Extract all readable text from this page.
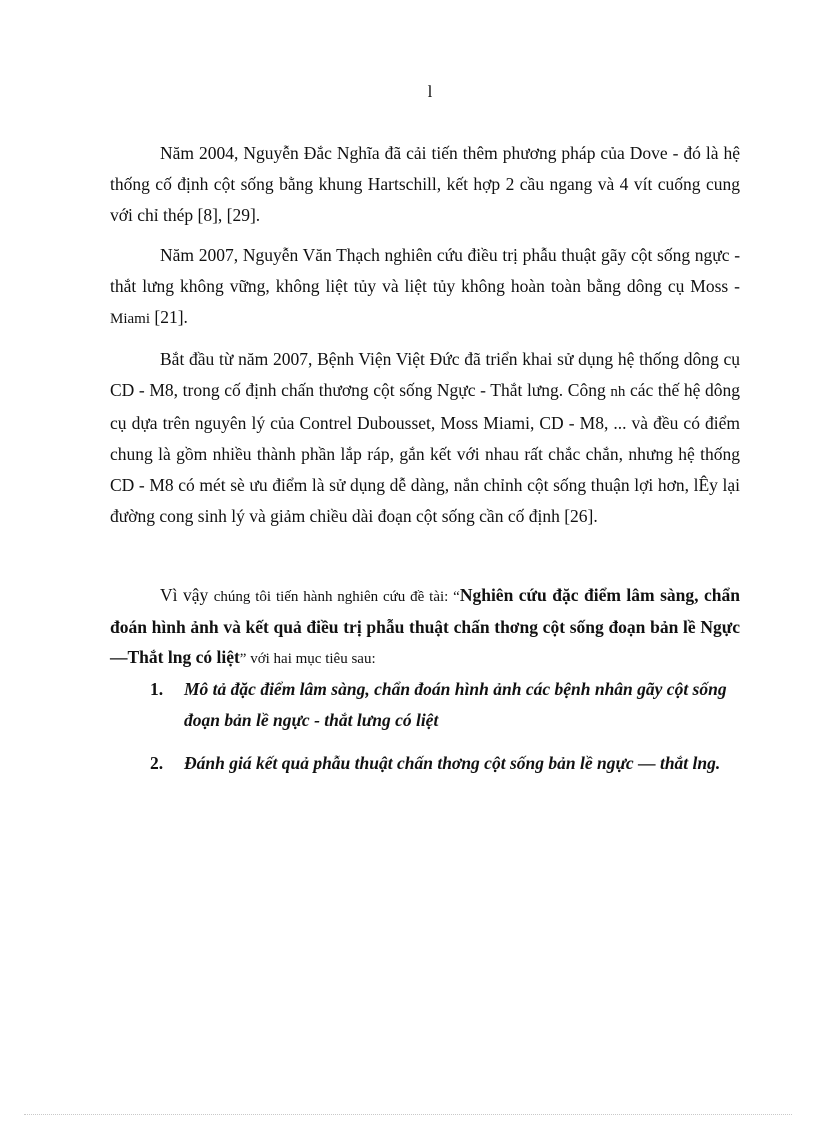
l

Năm 2004, Nguyễn Đắc Nghĩa đã cải tiến thêm phương pháp của Dove - đó là hệ thống cố định cột sống bằng khung Hartschill, kết hợp 2 cầu ngang và 4 vít cuống cung với chỉ thép [8], [29].

Năm 2007, Nguyễn Văn Thạch nghiên cứu điều trị phẫu thuật gãy cột sống ngực - thắt lưng không vững, không liệt tủy và liệt tủy không hoàn toàn bằng dông cụ Moss - Miami [21].

Bắt đầu từ năm 2007, Bệnh Viện Việt Đức đã triển khai sử dụng hệ thống dông cụ CD - M8, trong cố định chấn thương cột sống Ngực - Thắt lưng. Công nh các thế hệ dông cụ dựa trên nguyên lý của Contrel Dubousset, Moss Miami, CD - M8, ... và đều có điểm chung là gồm nhiều thành phần lắp ráp, gắn kết với nhau rất chắc chắn, nhưng hệ thống CD - M8 có mét sè ưu điểm là sử dụng dễ dàng, nắn chỉnh cột sống thuận lợi hơn, lÊy lại đường cong sinh lý và giảm chiều dài đoạn cột sống cần cố định [26].

Vì vậy chúng tôi tiến hành nghiên cứu đề tài: “Nghiên cứu đặc điểm lâm sàng, chẩn đoán hình ảnh và kết quả điều trị phẫu thuật chấn thơng cột sống đoạn bản lề Ngực —Thắt lng có liệt” với hai mục tiêu sau:

1.	Mô tả đặc điểm lâm sàng, chẩn đoán hình ảnh các bệnh nhân gãy cột sống đoạn bản lề ngực - thắt lưng có liệt
2.	Đánh giá kết quả phẫu thuật chấn thơng cột sống bản lề ngực — thắt lng.
